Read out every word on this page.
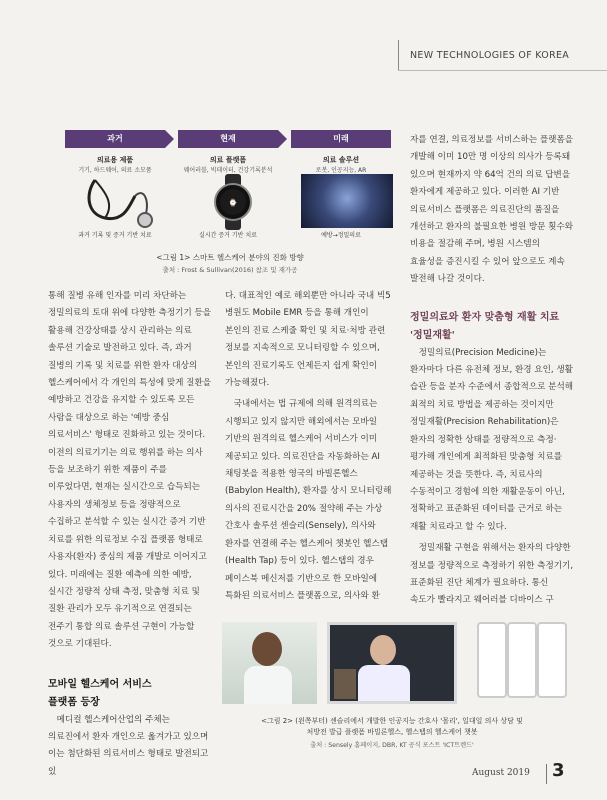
NEW TECHNOLOGIES OF KOREA
과거	현재	미래
의료용 제품
기기, 하드웨어, 의료 소모품
의료 플랫폼
웨어러블, 빅데이터, 건강기록분석
의료 솔루션
로봇, 인공지능, AR
⌚
과거 기록 및 증거 기반 치료	실시간 증거 기반 치료	예방→정밀의료
<그림 1> 스마트 헬스케어 분야의 진화 방향
출처 : Frost & Sullivan(2016) 참조 및 재가공

통해 질병 유해 인자를 미리 차단하는 정밀의료의 토대 위에 다양한 측정기기 등을 활용해 건강상태를 상시 관리하는 의료 솔루션 기술로 발전하고 있다. 즉, 과거 질병의 기록 및 치료를 위한 환자 대상의 헬스케어에서 각 개인의 특성에 맞게 질환을 예방하고 건강을 유지할 수 있도록 모든 사람을 대상으로 하는 '예방 중심 의료서비스' 형태로 진화하고 있는 것이다. 이전의 의료기기는 의료 행위를 하는 의사 등을 보조하기 위한 제품이 주를 이루었다면, 현재는 실시간으로 습득되는 사용자의 생체정보 등을 정량적으로 수집하고 분석할 수 있는 실시간 증거 기반 치료를 위한 의료정보 수집 플랫폼 형태로 사용자(환자) 중심의 제품 개발로 이어지고 있다. 미래에는 질환 예측에 의한 예방, 실시간 정량적 상태 측정, 맞춤형 치료 및 질환 관리가 모두 유기적으로 연결되는 전주기 통합 의료 솔루션 구현이 가능할 것으로 기대된다.

모바일 헬스케어 서비스

플랫폼 등장

메디컬 헬스케어산업의 주체는 의료진에서 환자 개인으로 옮겨가고 있으며 이는 첨단화된 의료서비스 형태로 발전되고 있

다. 대표적인 예로 해외뿐만 아니라 국내 빅5 병원도 Mobile EMR 등을 통해 개인이 본인의 진료 스케줄 확인 및 치료·처방 관련 정보를 지속적으로 모니터링할 수 있으며, 본인의 진료기록도 언제든지 쉽게 확인이 가능해졌다.

국내에서는 법 규제에 의해 원격의료는 시행되고 있지 않지만 해외에서는 모바일 기반의 원격의료 헬스케어 서비스가 이미 제공되고 있다. 의료진단을 자동화하는 AI 채팅봇을 적용한 영국의 바빌론헬스(Babylon Health), 환자를 상시 모니터링해 의사의 진료시간을 20% 절약해 주는 가상 간호사 솔루션 센슬리(Sensely), 의사와 환자를 연결해 주는 헬스케어 챗봇인 헬스탭(Health Tap) 등이 있다. 헬스탭의 경우 페이스북 메신저를 기반으로 한 모바일에 특화된 의료서비스 플랫폼으로, 의사와 환

자를 연결, 의료정보를 서비스하는 플랫폼을 개발해 이미 10만 명 이상의 의사가 등록돼 있으며 현재까지 약 64억 건의 의료 답변을 환자에게 제공하고 있다. 이러한 AI 기반 의료서비스 플랫폼은 의료진단의 품질을 개선하고 환자의 불필요한 병원 방문 횟수와 비용을 절감해 주며, 병원 시스템의 효율성을 증진시킬 수 있어 앞으로도 계속 발전해 나갈 것이다.

정밀의료와 환자 맞춤형 재활 치료

'정밀재활'

정밀의료(Precision Medicine)는 환자마다 다른 유전체 정보, 환경 요인, 생활 습관 등을 분자 수준에서 종합적으로 분석해 최적의 치료 방법을 제공하는 것이지만 정밀재활(Precision Rehabilitation)은 환자의 정확한 상태를 정량적으로 측정·평가해 개인에게 최적화된 맞춤형 치료를 제공하는 것을 뜻한다. 즉, 치료사의 수동적이고 경험에 의한 재활운동이 아닌, 정확하고 표준화된 데이터를 근거로 하는 재활 치료라고 할 수 있다.

정밀재활 구현을 위해서는 환자의 다양한 정보를 정량적으로 측정하기 위한 측정기기, 표준화된 진단 체계가 필요하다. 통신 속도가 빨라지고 웨어러블 디바이스 구

<그림 2> (왼쪽부터) 센슬리에서 개발한 인공지능 간호사 '몰리', 일대일 의사 상담 및
처방전 발급 플랫폼 바빌론헬스, 헬스탭의 헬스케어 챗봇
출처 : Sensely 홈페이지, DBR, KT 공식 포스트 'ICT트렌드'
August 2019 3
